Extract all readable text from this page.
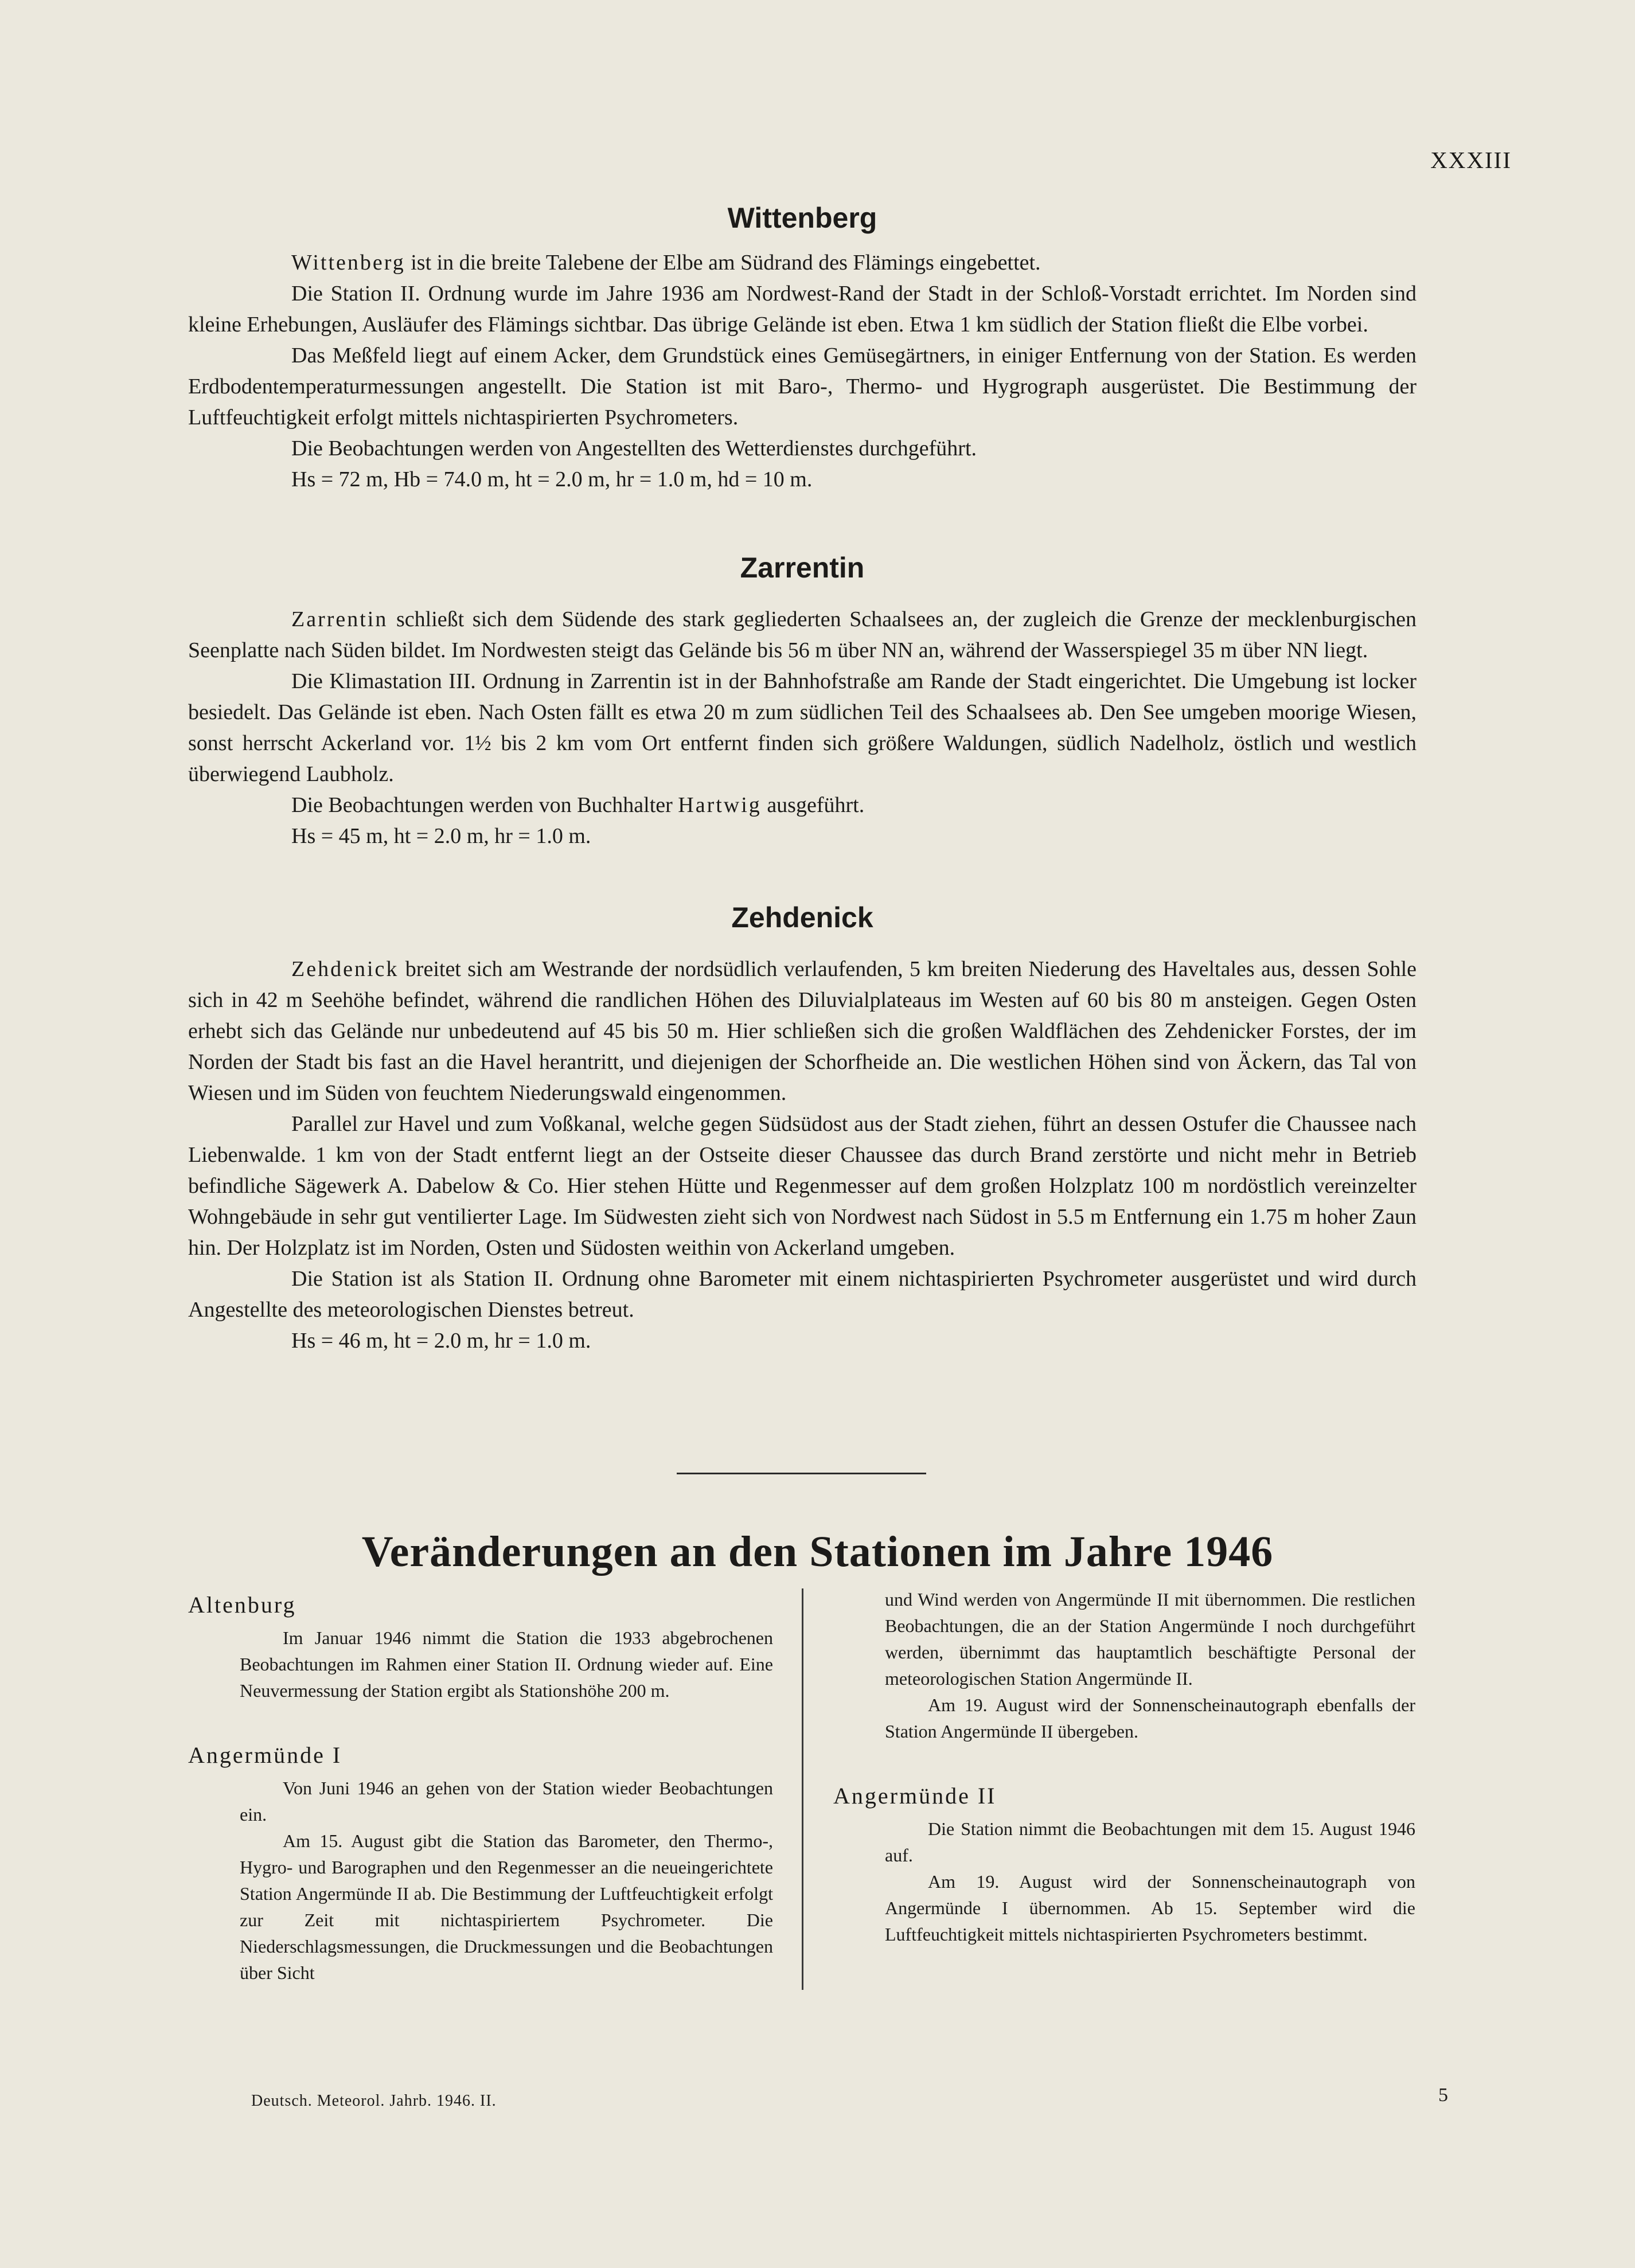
XXXIII
Wittenberg

Wittenberg ist in die breite Talebene der Elbe am Südrand des Flämings eingebettet.

Die Station II. Ordnung wurde im Jahre 1936 am Nordwest-Rand der Stadt in der Schloß-Vorstadt errichtet. Im Norden sind kleine Erhebungen, Ausläufer des Flämings sichtbar. Das übrige Gelände ist eben. Etwa 1 km südlich der Station fließt die Elbe vorbei.

Das Meßfeld liegt auf einem Acker, dem Grundstück eines Gemüsegärtners, in einiger Entfernung von der Station. Es werden Erdbodentemperaturmessungen angestellt. Die Station ist mit Baro-, Thermo- und Hygrograph ausgerüstet. Die Bestimmung der Luftfeuchtigkeit erfolgt mittels nichtaspirierten Psychrometers.

Die Beobachtungen werden von Angestellten des Wetterdienstes durchgeführt.

Hs = 72 m, Hb = 74.0 m, ht = 2.0 m, hr = 1.0 m, hd = 10 m.

Zarrentin

Zarrentin schließt sich dem Südende des stark gegliederten Schaalsees an, der zugleich die Grenze der mecklenburgischen Seenplatte nach Süden bildet. Im Nordwesten steigt das Gelände bis 56 m über NN an, während der Wasserspiegel 35 m über NN liegt.

Die Klimastation III. Ordnung in Zarrentin ist in der Bahnhofstraße am Rande der Stadt eingerichtet. Die Umgebung ist locker besiedelt. Das Gelände ist eben. Nach Osten fällt es etwa 20 m zum südlichen Teil des Schaalsees ab. Den See umgeben moorige Wiesen, sonst herrscht Ackerland vor. 1½ bis 2 km vom Ort entfernt finden sich größere Waldungen, südlich Nadelholz, östlich und westlich überwiegend Laubholz.

Die Beobachtungen werden von Buchhalter Hartwig ausgeführt.

Hs = 45 m, ht = 2.0 m, hr = 1.0 m.

Zehdenick

Zehdenick breitet sich am Westrande der nordsüdlich verlaufenden, 5 km breiten Niederung des Haveltales aus, dessen Sohle sich in 42 m Seehöhe befindet, während die randlichen Höhen des Diluvialplateaus im Westen auf 60 bis 80 m ansteigen. Gegen Osten erhebt sich das Gelände nur unbedeutend auf 45 bis 50 m. Hier schließen sich die großen Waldflächen des Zehdenicker Forstes, der im Norden der Stadt bis fast an die Havel herantritt, und diejenigen der Schorfheide an. Die westlichen Höhen sind von Äckern, das Tal von Wiesen und im Süden von feuchtem Niederungswald eingenommen.

Parallel zur Havel und zum Voßkanal, welche gegen Südsüdost aus der Stadt ziehen, führt an dessen Ostufer die Chaussee nach Liebenwalde. 1 km von der Stadt entfernt liegt an der Ostseite dieser Chaussee das durch Brand zerstörte und nicht mehr in Betrieb befindliche Sägewerk A. Dabelow & Co. Hier stehen Hütte und Regenmesser auf dem großen Holzplatz 100 m nordöstlich vereinzelter Wohngebäude in sehr gut ventilierter Lage. Im Südwesten zieht sich von Nordwest nach Südost in 5.5 m Entfernung ein 1.75 m hoher Zaun hin. Der Holzplatz ist im Norden, Osten und Südosten weithin von Ackerland umgeben.

Die Station ist als Station II. Ordnung ohne Barometer mit einem nichtaspirierten Psychrometer ausgerüstet und wird durch Angestellte des meteorologischen Dienstes betreut.

Hs = 46 m, ht = 2.0 m, hr = 1.0 m.

Veränderungen an den Stationen im Jahre 1946
Altenburg

Im Januar 1946 nimmt die Station die 1933 abgebrochenen Beobachtungen im Rahmen einer Station II. Ordnung wieder auf. Eine Neuvermessung der Station ergibt als Stationshöhe 200 m.

Angermünde I

Von Juni 1946 an gehen von der Station wieder Beobachtungen ein.

Am 15. August gibt die Station das Barometer, den Thermo-, Hygro- und Barographen und den Regenmesser an die neueingerichtete Station Angermünde II ab. Die Bestimmung der Luftfeuchtigkeit erfolgt zur Zeit mit nichtaspiriertem Psychrometer. Die Niederschlagsmessungen, die Druckmessungen und die Beobachtungen über Sicht

und Wind werden von Angermünde II mit übernommen. Die restlichen Beobachtungen, die an der Station Angermünde I noch durchgeführt werden, übernimmt das hauptamtlich beschäftigte Personal der meteorologischen Station Angermünde II.

Am 19. August wird der Sonnenscheinautograph ebenfalls der Station Angermünde II übergeben.

Angermünde II

Die Station nimmt die Beobachtungen mit dem 15. August 1946 auf.

Am 19. August wird der Sonnenscheinautograph von Angermünde I übernommen. Ab 15. September wird die Luftfeuchtigkeit mittels nichtaspirierten Psychrometers bestimmt.

Deutsch. Meteorol. Jahrb. 1946. II.	5
